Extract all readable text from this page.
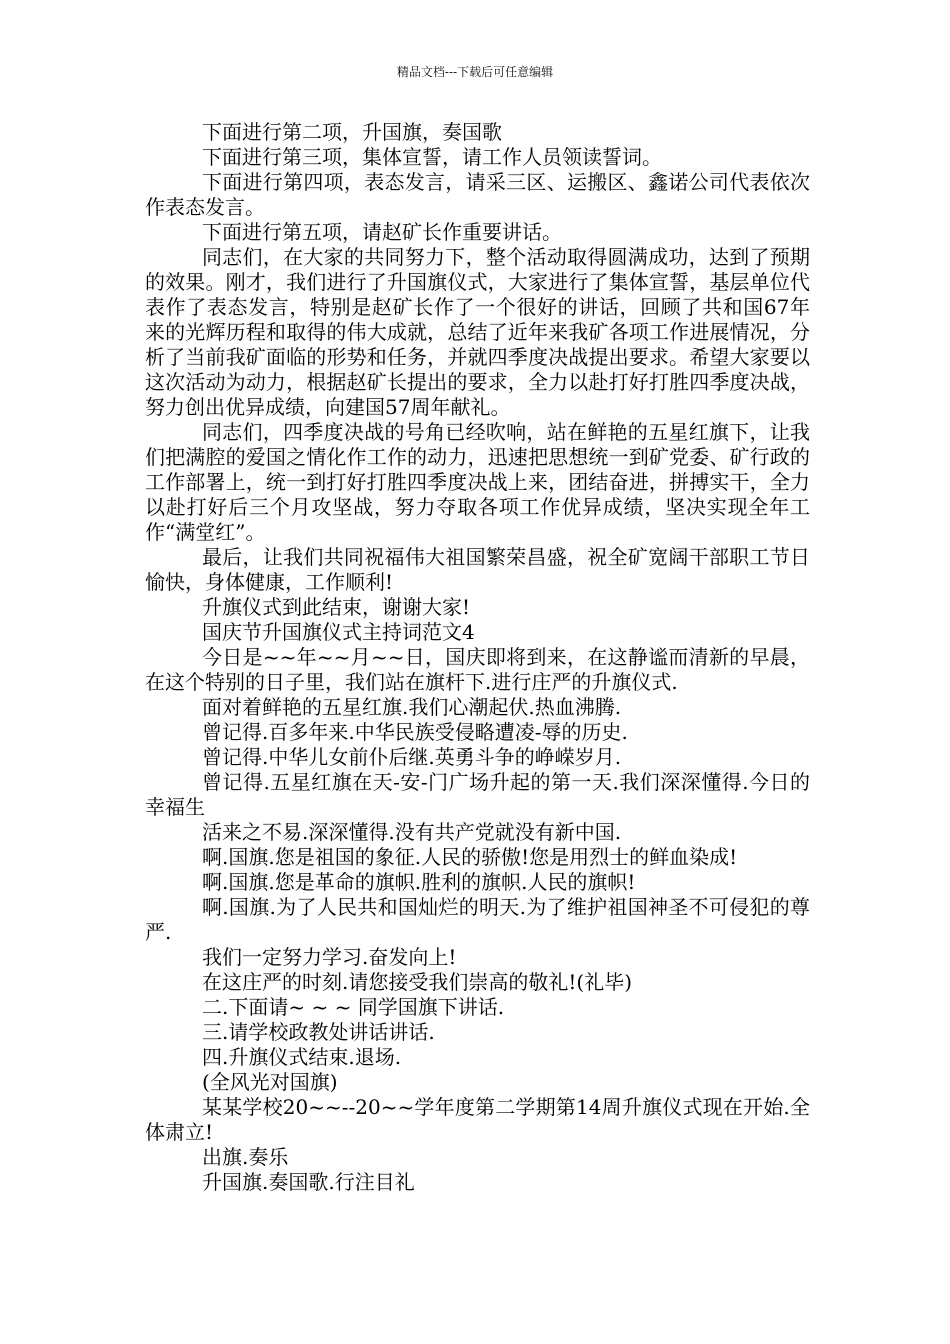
精品文档---下载后可任意编辑

下面进行第二项，升国旗，奏国歌

下面进行第三项，集体宣誓，请工作人员领读誓词。

下面进行第四项，表态发言，请采三区、运搬区、鑫诺公司代表依次作表态发言。

下面进行第五项，请赵矿长作重要讲话。

同志们，在大家的共同努力下，整个活动取得圆满成功，达到了预期的效果。刚才，我们进行了升国旗仪式，大家进行了集体宣誓，基层单位代表作了表态发言，特别是赵矿长作了一个很好的讲话，回顾了共和国67年来的光辉历程和取得的伟大成就，总结了近年来我矿各项工作进展情况，分析了当前我矿面临的形势和任务，并就四季度决战提出要求。希望大家要以这次活动为动力，根据赵矿长提出的要求，全力以赴打好打胜四季度决战，努力创出优异成绩，向建国57周年献礼。

同志们，四季度决战的号角已经吹响，站在鲜艳的五星红旗下，让我们把满腔的爱国之情化作工作的动力，迅速把思想统一到矿党委、矿行政的工作部署上，统一到打好打胜四季度决战上来，团结奋进，拼搏实干，全力以赴打好后三个月攻坚战，努力夺取各项工作优异成绩，坚决实现全年工作“满堂红”。

最后，让我们共同祝福伟大祖国繁荣昌盛，祝全矿宽阔干部职工节日愉快，身体健康，工作顺利!

升旗仪式到此结束，谢谢大家!

国庆节升国旗仪式主持词范文4

今日是~~年~~月~~日，国庆即将到来，在这静谧而清新的早晨，在这个特别的日子里，我们站在旗杆下.进行庄严的升旗仪式.

面对着鲜艳的五星红旗.我们心潮起伏.热血沸腾.

曾记得.百多年来.中华民族受侵略遭凌-辱的历史.

曾记得.中华儿女前仆后继.英勇斗争的峥嵘岁月.

曾记得.五星红旗在天-安-门广场升起的第一天.我们深深懂得.今日的幸福生

活来之不易.深深懂得.没有共产党就没有新中国.

啊.国旗.您是祖国的象征.人民的骄傲!您是用烈士的鲜血染成!

啊.国旗.您是革命的旗帜.胜利的旗帜.人民的旗帜!

啊.国旗.为了人民共和国灿烂的明天.为了维护祖国神圣不可侵犯的尊严.

我们一定努力学习.奋发向上!

在这庄严的时刻.请您接受我们崇高的敬礼!(礼毕)

二.下面请~ ~ ~ 同学国旗下讲话.

三.请学校政教处讲话讲话.

四.升旗仪式结束.退场.

(全风光对国旗)

某某学校20~~--20~~学年度第二学期第14周升旗仪式现在开始.全体肃立!

出旗.奏乐

升国旗.奏国歌.行注目礼
